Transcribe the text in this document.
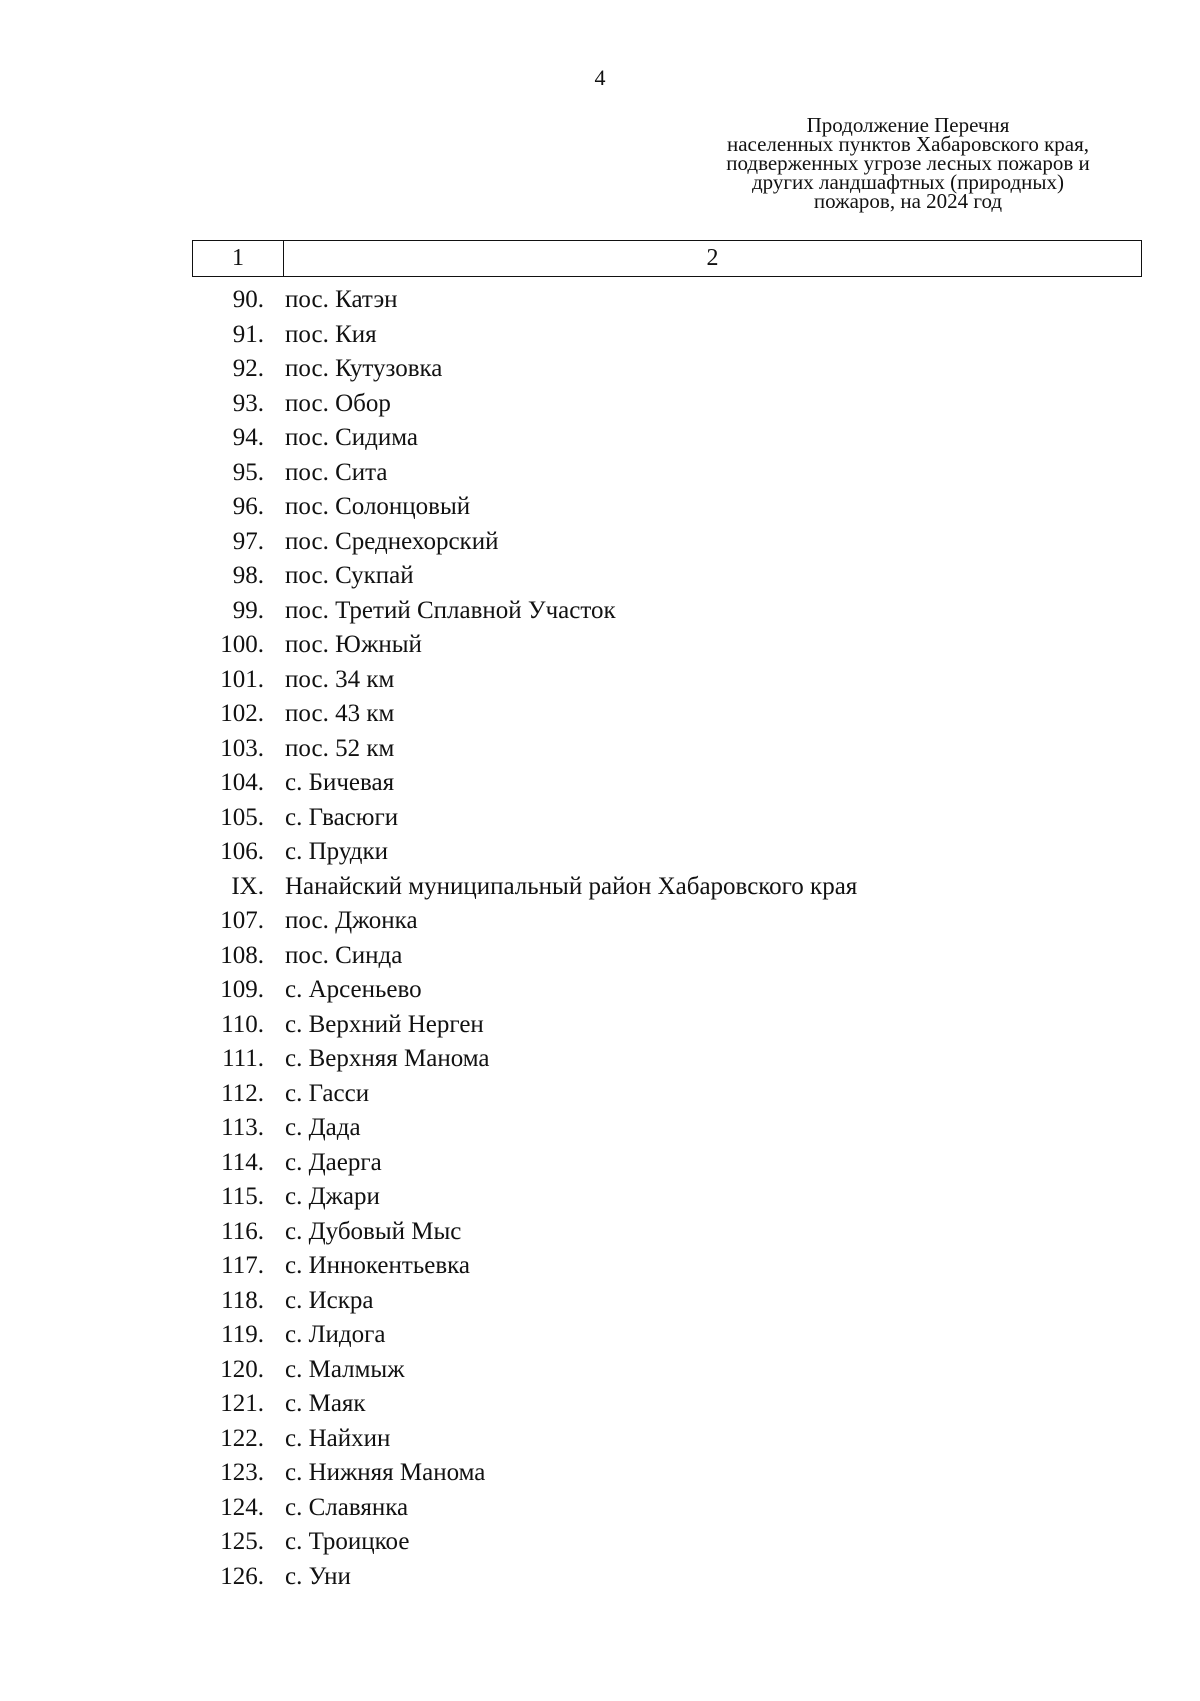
4
Продолжение Перечня
населенных пунктов Хабаровского края,
подверженных угрозе лесных пожаров и
других ландшафтных (природных)
пожаров, на 2024 год
1	2
90. пос. Катэн
91. пос. Кия
92. пос. Кутузовка
93. пос. Обор
94. пос. Сидима
95. пос. Сита
96. пос. Солонцовый
97. пос. Среднехорский
98. пос. Сукпай
99. пос. Третий Сплавной Участок
100. пос. Южный
101. пос. 34 км
102. пос. 43 км
103. пос. 52 км
104. с. Бичевая
105. с. Гвасюги
106. с. Прудки
IX. Нанайский муниципальный район Хабаровского края
107. пос. Джонка
108. пос. Синда
109. с. Арсеньево
110. с. Верхний Нерген
111. с. Верхняя Манома
112. с. Гасси
113. с. Дада
114. с. Даерга
115. с. Джари
116. с. Дубовый Мыс
117. с. Иннокентьевка
118. с. Искра
119. с. Лидога
120. с. Малмыж
121. с. Маяк
122. с. Найхин
123. с. Нижняя Манома
124. с. Славянка
125. с. Троицкое
126. с. Уни
